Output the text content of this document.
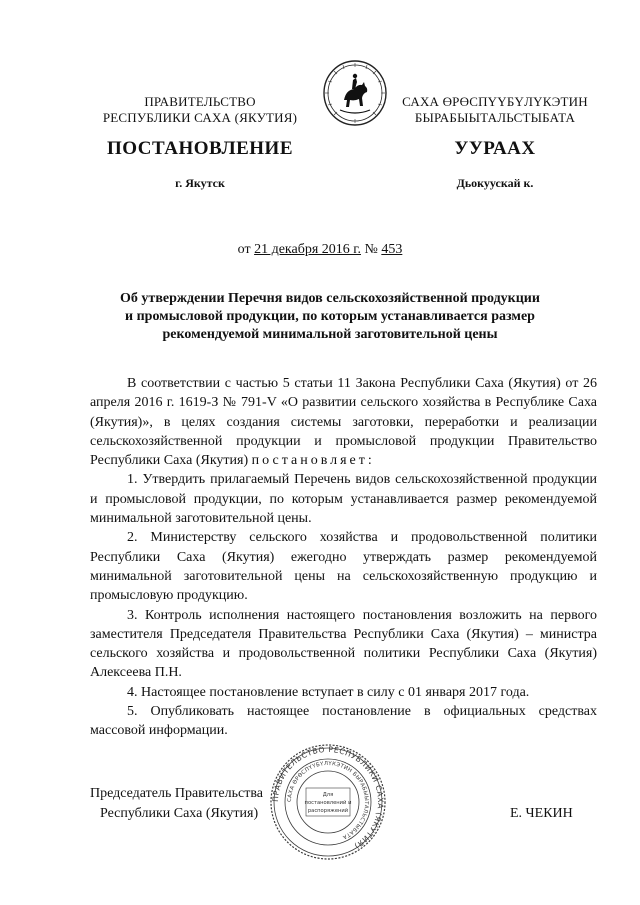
ПРАВИТЕЛЬСТВО
РЕСПУБЛИКИ САХА (ЯКУТИЯ)
САХА ӨРӨСПҮҮБҮЛҮКЭТИН
БЫРАБЫЫТАЛЬСТЫБАТА
ПОСТАНОВЛЕНИЕ	УУРААХ
г. Якутск	Дьокуускай к.
от 21 декабря 2016 г. № 453
Об утверждении Перечня видов сельскохозяйственной продукции
и промысловой продукции, по которым устанавливается размер
рекомендуемой минимальной заготовительной цены

В соответствии с частью 5 статьи 11 Закона Республики Саха (Якутия) от 26 апреля 2016 г. 1619-З № 791-V «О развитии сельского хозяйства в Республике Саха (Якутия)», в целях создания системы заготовки, переработки и реализации сельскохозяйственной продукции и промысловой продукции Правительство Республики Саха (Якутия) постановляет:

1. Утвердить прилагаемый Перечень видов сельскохозяйственной продукции и промысловой продукции, по которым устанавливается размер рекомендуемой минимальной заготовительной цены.

2. Министерству сельского хозяйства и продовольственной политики Республики Саха (Якутия) ежегодно утверждать размер рекомендуемой минимальной заготовительной цены на сельскохозяйственную продукцию и промысловую продукцию.

3. Контроль исполнения настоящего постановления возложить на первого заместителя Председателя Правительства Республики Саха (Якутия) – министра сельского хозяйства и продовольственной политики Республики Саха (Якутия) Алексеева П.Н.

4. Настоящее постановление вступает в силу с 01 января 2017 года.

5. Опубликовать настоящее постановление в официальных средствах массовой информации.

Председатель Правительства
Республики Саха (Якутия)	Е. ЧЕКИН
ПРАВИТЕЛЬСТВО РЕСПУБЛИКИ САХА (ЯКУТИЯ)
САХА ӨРӨСПҮҮБҮЛҮКЭТИН БЫРАБЫЫТАЛЬСТЫБАТА
Для
постановлений и
распоряжений
